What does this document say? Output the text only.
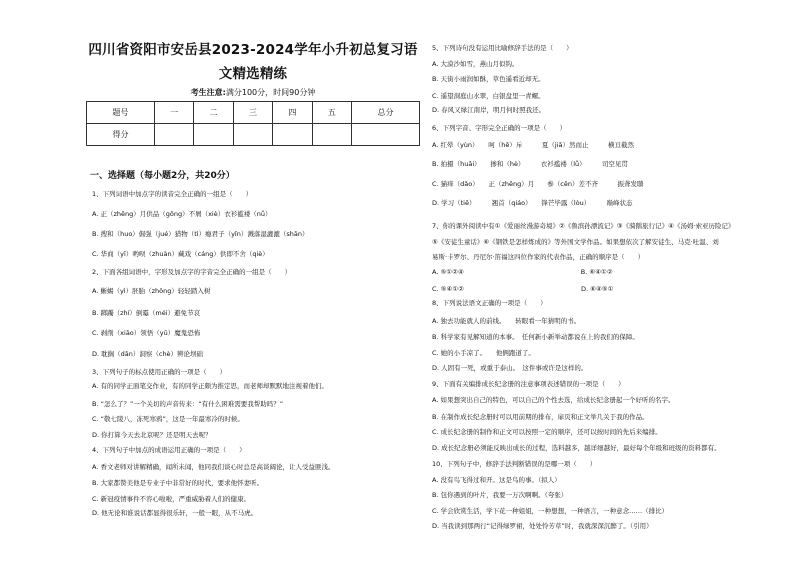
四川省资阳市安岳县2023-2024学年小升初总复习语文精选精练
考生注意:满分100分，时间90分钟
题号	一	二	三	四	五	总分
得分						
一、选择题（每小题2分，共20分）
1、下列词语中加点字的读音完全正确的一组是（　　）
A. 正（zhēng）月供品（gōng）不屑（xiè）衣衫褴褛（nǚ）
B. 搜和（huo）倔强（jué）猎物（tì）瘾君子（yǐn）溅落湿漉漉（shān）
C. 华商（yī）哟呗（zhuàn）藏戏（cáng）供即不舍（qiè）
2、下面各组词语中，字形及加点字的字音完全正确的一组是（　　）
A. 蜥蜴（yì）胚胎（zhǒng）轻轻踏入树
B. 踯躅（zhí）倒霉（méi）避免节哀
C. 剥削（xiāo）领悟（yū）魔鬼恐怖
D. 耽搁（dān）洞察（chè）辨论坝础
3、下列句子的标点使用正确的一项是（　　）
A. 有的同学正面笔交作业，有的同学正颇为推定思，而老师却默默地注视着他们。
B. “怎么了？”一个关切的声音传来：“有什么困难需要我帮助吗？”
C. “敬七陵八，冻死寒鸦”，这是一年最寒冷的时候。
D. 你打算今天去北京呢？还是明天去呢？
4、下列句子中加点的成语运用正确的一项是（　　）
A. 香文老师对讲解精确，闻所未闻，他同我们谈心时总是高谈阔论，让人受益匪浅。
B. 大家都赞美他是专业子中非常好的时代，要求他怀妻听。
C. 新冠疫情事件不容心啦啦，严重威胁着人们的健康。
D. 他无论和谁说话都显得很乐轩，一般一眼，从不马虎。
5、下列诗句没有运用比喻修辞手法的是（　　）
A. 大漠沙如雪，燕山月似钩。
B. 天街小雨润如酥，草色遥看近却无。
C. 遥望洞庭山水翠，白银盘里一青螺。
D. 春风又绿江南岸，明月何时照我还。
6、下列字音、字形完全正确的一项是（　　）
A. 红晕（yùn）　　呵（hē）斥　　　夏（jiā）然而止　　　横亘截然
B. 拍摄（huāi）　　掺和（hè）　　　衣衫褴褛（lǚ）　　　司空见贯
C. 猫痒（dǎo）　　正（zhēng）月　　参（cēn）差不齐　　　振聋发聩
D. 学习（tiē）　　　翘首（qiáo）　　锋芒毕露（lòu）　　　巅峰状态
7、你的课外阅读中有①《爱丽丝漫游奇境》②《鲁滨孙漂流记》③《骑鹅旅行记》④《汤姆·索亚历险记》
⑤《安徒生童话》⑥《钢铁是怎样炼成的》等外国文学作品。如果想依次了解安徒生、马克·吐温、刘
易斯·卡罗尔、丹尼尔·笛福这四位作家的代表作品，正确的顺序是（　　）
A. ⑤①②④　　　　　　　　　　　　　　　　　　B. ⑥④①②
C. ⑤④①②　　　　　　　　　　　　　　　　　　D. ⑥④⑤①
8、下列说法语文正确的一项是（　　）
A. 独去功能就人的前线。　　转眼看一年猜明的书。
B. 科学家有见解知道的本事。　任何新小新举动都说在上的我们的保障。
C. 她的小手凉了。　　他俩跑道了。
D. 人固有一死，或重于泰山。　这件事或许是这样的。
9、下面有关编排成长纪念册的注意事项表述错误的一项是（　　）
A. 如果想突出自己的特色，可以自己的个性去选，给成长纪念册起一个好听的名字。
B. 在制作成长纪念册时可以用前期的排布，扉页和正文举几关于我的作品。
C. 成长纪念册的制作和正文可以按照一定的顺序，还可以按时间的先后来编排。
D. 成长纪念册必须能反映出成长的过程，选料越多，越详细越好，最好每个年级和班级的资料都有。
10、下列句子中，修辞手法判断错误的是哪一项（　　）
A. 没有鸟飞得过和开。这是鸟的事。（拟人）
B. 包你遇到的叶片，我要一万次啊啊。（夸张）
C. 学会欣赏生活，学下花一种姐姐，一种想想，一种语言，一种意念……（排比）
D. 当我读到那两行“记得绿罗裙，处处怜芳草”时，我就深深沉醉了。（引用）
